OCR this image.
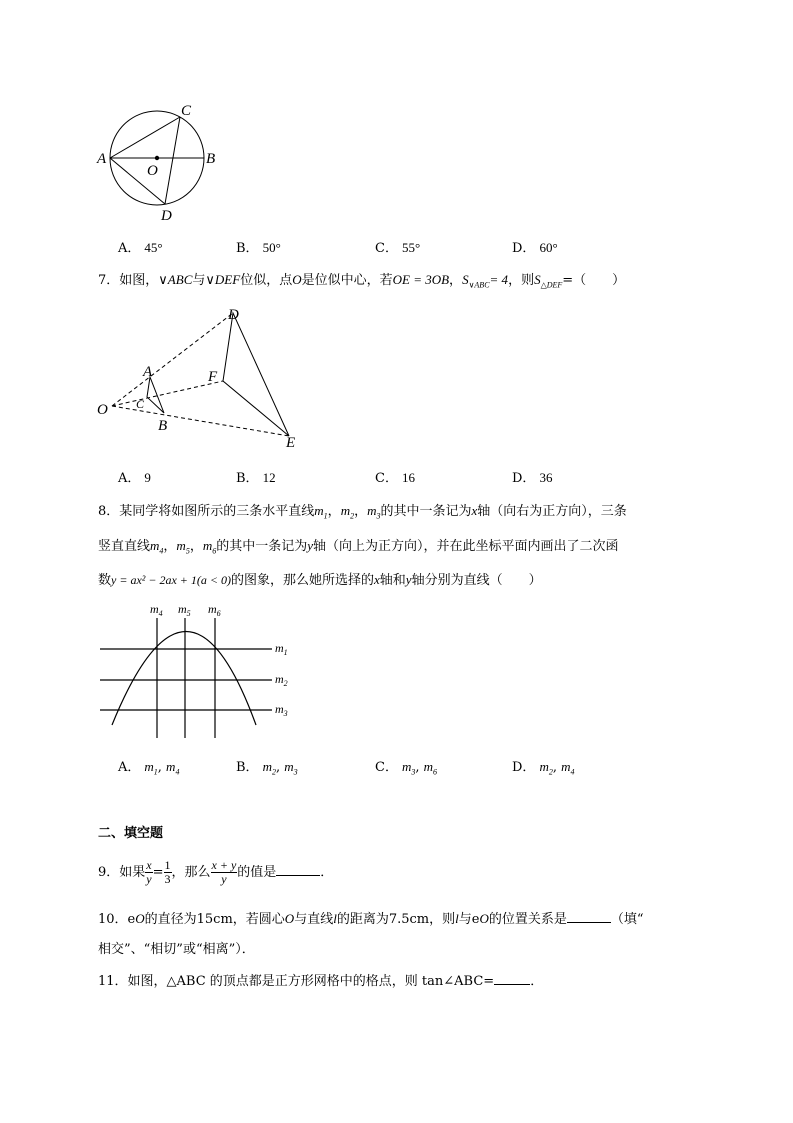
A	B
C
D
O
A． 45°	B． 50°	C． 55°	D． 60°
7．如图，∨ABC与∨DEF位似，点O是位似中心，若OE = 3OB，$S_{\vee ABC}= 4$，则$S_{\triangle DEF}=$（　　）
D
A	F
O C
B
E
A． 9	B． 12	C． 16	D． 36
8．某同学将如图所示的三条水平直线$m_1$，$m_2$，$m_3$的其中一条记为x轴（向右为正方向），三条
竖直直线$m_4$，$m_5$，$m_6$的其中一条记为y轴（向上为正方向），并在此坐标平面内画出了二次函
数y = ax² − 2ax + 1(a < 0)的图象，那么她所选择的x轴和y轴分别为直线（　　）
$m_4$ $m_5$ $m_6$
$m_1$
$m_2$
$m_3$
A． $m_1$, $m_4$	B． $m_2$, $m_3$	C． $m_3$, $m_6$	D． $m_2$, $m_4$
二、填空题
9．如果 $\frac{x}{y} = \frac{1}{3}$ ，那么 $\frac{x + y}{y}$ 的值是	．
10．eO的直径为15cm，若圆心O与直线l的距离为7.5cm，则l与eO的位置关系是	（填“
相交”、“相切”或“相离”）．
11．如图，△ABC 的顶点都是正方形网格中的格点，则 tan∠ABC=	．
